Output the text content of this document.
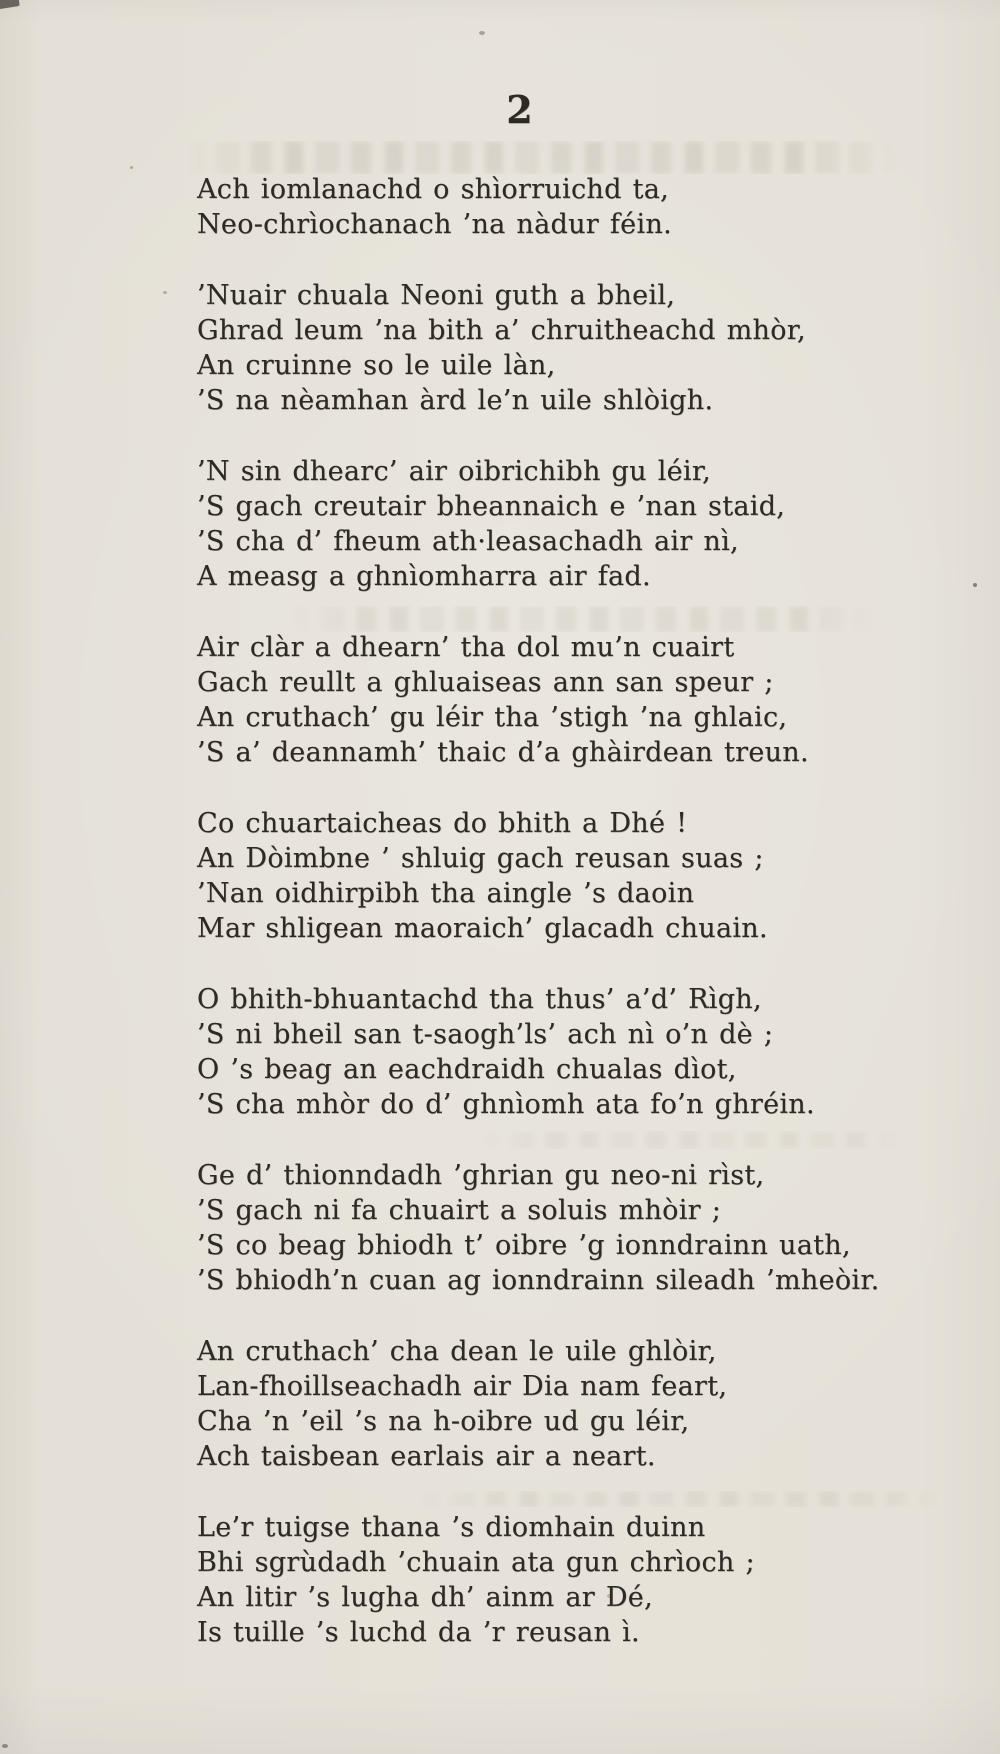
2

Ach iomlanachd o shìorruichd ta,

Neo-chrìochanach ’na nàdur féin.

’Nuair chuala Neoni guth a bheil,

Ghrad leum ’na bith a’ chruitheachd mhòr,

An cruinne so le uile làn,

’S na nèamhan àrd le’n uile shlòigh.

’N sin dhearc’ air oibrichibh gu léir,

’S gach creutair bheannaich e ’nan staid,

’S cha d’ fheum ath·leasachadh air nì,

A measg a ghnìomharra air fad.

Air clàr a dhearn’ tha dol mu’n cuairt

Gach reullt a ghluaiseas ann san speur ;

An cruthach’ gu léir tha ’stigh ’na ghlaic,

’S a’ deannamh’ thaic d’a ghàirdean treun.

Co chuartaicheas do bhith a Dhé !

An Dòimbne ’ shluig gach reusan suas ;

’Nan oidhirpibh tha aingle ’s daoin

Mar shligean maoraich’ glacadh chuain.

O bhith-bhuantachd tha thus’ a’d’ Rìgh,

’S ni bheil san t-saogh’ls’ ach nì o’n dè ;

O ’s beag an eachdraidh chualas dìot,

’S cha mhòr do d’ ghnìomh ata fo’n ghréin.

Ge d’ thionndadh ’ghrian gu neo-ni rìst,

’S gach ni fa chuairt a soluis mhòir ;

’S co beag bhiodh t’ oibre ’g ionndrainn uath,

’S bhiodh’n cuan ag ionndrainn sileadh ’mheòir.

An cruthach’ cha dean le uile ghlòir,

Lan-fhoillseachadh air Dia nam feart,

Cha ’n ’eil ’s na h-oibre ud gu léir,

Ach taisbean earlais air a neart.

Le’r tuigse thana ’s diomhain duinn

Bhi sgrùdadh ’chuain ata gun chrìoch ;

An litir ’s lugha dh’ ainm ar Dé,

Is tuille ’s luchd da ’r reusan ì.
